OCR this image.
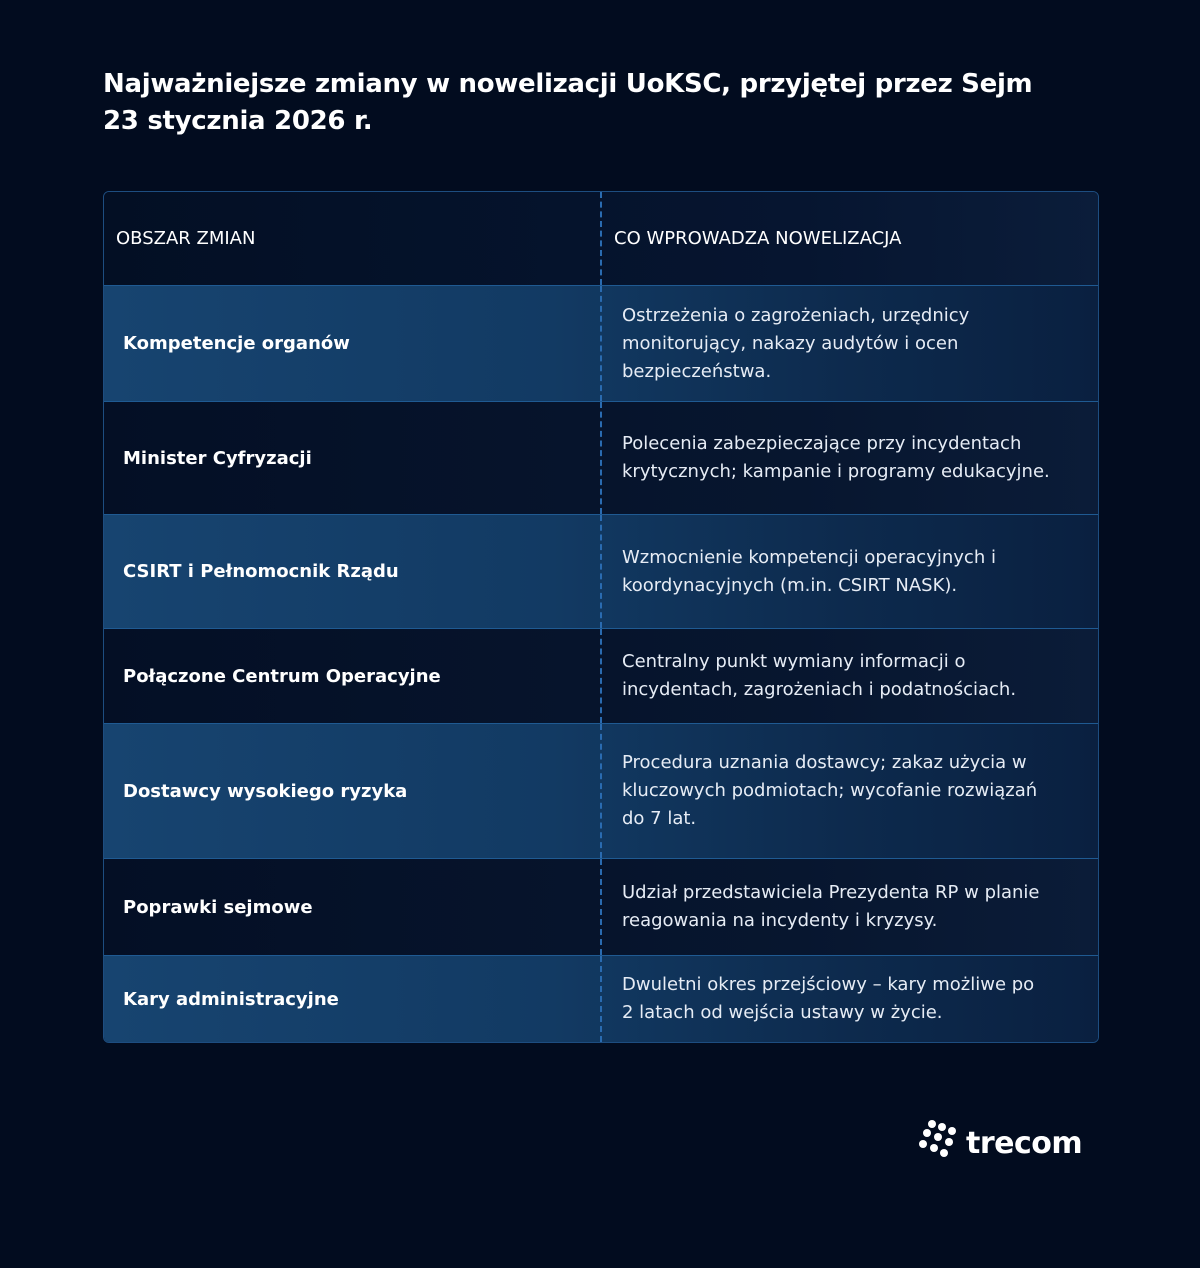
Najważniejsze zmiany w nowelizacji UoKSC, przyjętej przez Sejm
23 stycznia 2026 r.
OBSZAR ZMIAN	CO WPROWADZA NOWELIZACJA
Kompetencje organów
Ostrzeżenia o zagrożeniach, urzędnicy monitorujący, nakazy audytów i ocen bezpieczeństwa.
Minister Cyfryzacji
Polecenia zabezpieczające przy incydentach krytycznych; kampanie i programy edukacyjne.
CSIRT i Pełnomocnik Rządu
Wzmocnienie kompetencji operacyjnych i koordynacyjnych (m.in. CSIRT NASK).
Połączone Centrum Operacyjne
Centralny punkt wymiany informacji o incydentach, zagrożeniach i podatnościach.
Dostawcy wysokiego ryzyka
Procedura uznania dostawcy; zakaz użycia w kluczowych podmiotach; wycofanie rozwiązań do 7 lat.
Poprawki sejmowe
Udział przedstawiciela Prezydenta RP w planie reagowania na incydenty i kryzysy.
Kary administracyjne
Dwuletni okres przejściowy – kary możliwe po 2 latach od wejścia ustawy w życie.
trecom
